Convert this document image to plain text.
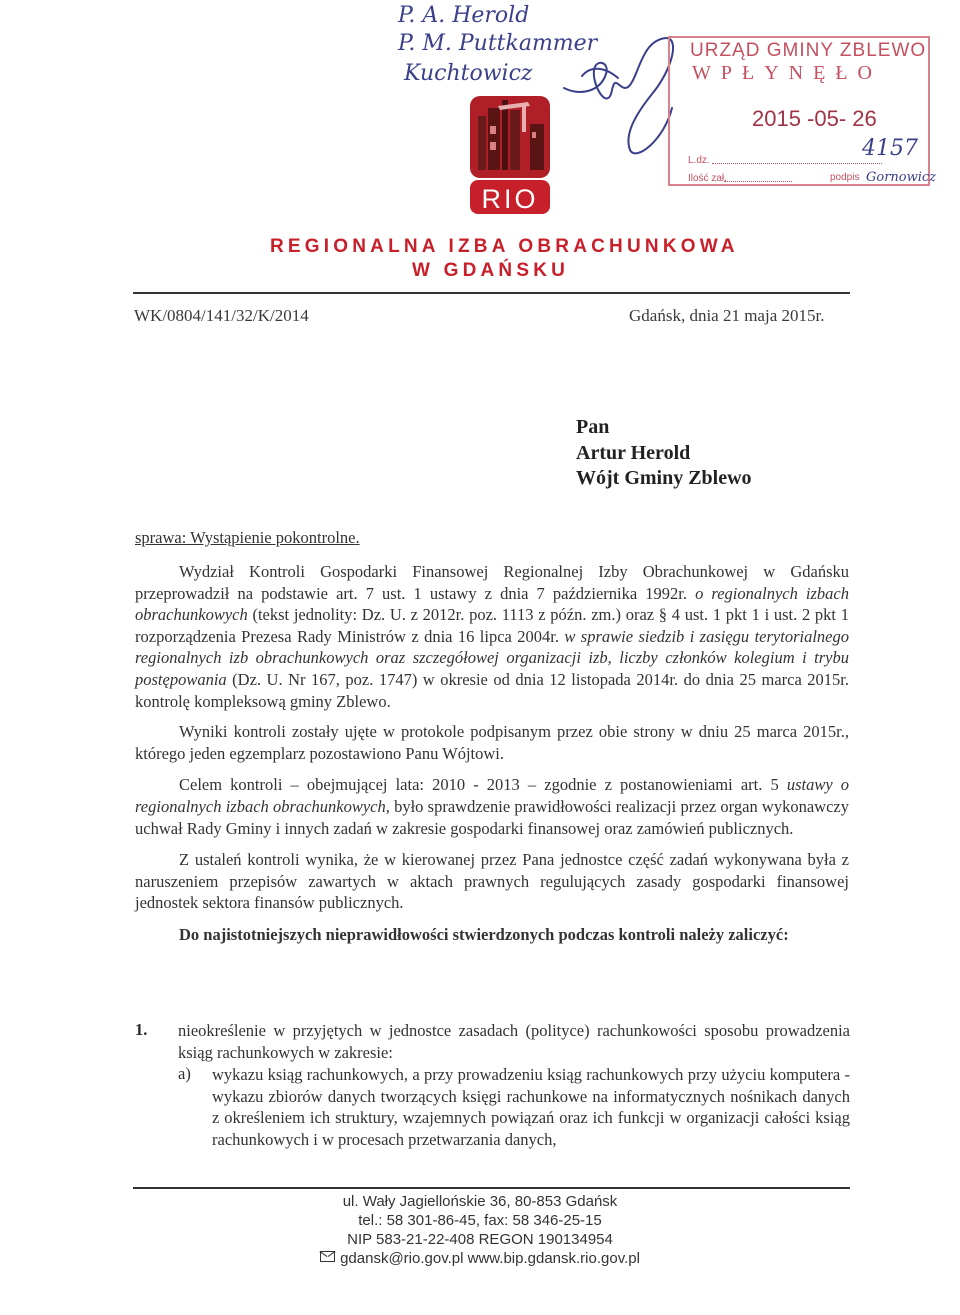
P. A. Herold
P. M. Puttkammer
Kuchtowicz
URZĄD GMINY ZBLEWO
WPŁYNĘŁO
2015 -05- 26
4157
L.dz.
Ilość zał.	podpis Gornowicz
RIO
REGIONALNA IZBA OBRACHUNKOWA
W GDAŃSKU
WK/0804/141/32/K/2014	Gdańsk, dnia 21 maja 2015r.
Pan
Artur Herold
Wójt Gminy Zblewo
sprawa: Wystąpienie pokontrolne.

Wydział Kontroli Gospodarki Finansowej Regionalnej Izby Obrachunkowej w Gdańsku przeprowadził na podstawie art. 7 ust. 1 ustawy z dnia 7 października 1992r. o regionalnych izbach obrachunkowych (tekst jednolity: Dz. U. z 2012r. poz. 1113 z późn. zm.) oraz § 4 ust. 1 pkt 1 i ust. 2 pkt 1 rozporządzenia Prezesa Rady Ministrów z dnia 16 lipca 2004r. w sprawie siedzib i zasięgu terytorialnego regionalnych izb obrachunkowych oraz szczegółowej organizacji izb, liczby członków kolegium i trybu postępowania (Dz. U. Nr 167, poz. 1747) w okresie od dnia 12 listopada 2014r. do dnia 25 marca 2015r. kontrolę kompleksową gminy Zblewo.

Wyniki kontroli zostały ujęte w protokole podpisanym przez obie strony w dniu 25 marca 2015r., którego jeden egzemplarz pozostawiono Panu Wójtowi.

Celem kontroli – obejmującej lata: 2010 - 2013 – zgodnie z postanowieniami art. 5 ustawy o regionalnych izbach obrachunkowych, było sprawdzenie prawidłowości realizacji przez organ wykonawczy uchwał Rady Gminy i innych zadań w zakresie gospodarki finansowej oraz zamówień publicznych.

Z ustaleń kontroli wynika, że w kierowanej przez Pana jednostce część zadań wykonywana była z naruszeniem przepisów zawartych w aktach prawnych regulujących zasady gospodarki finansowej jednostek sektora finansów publicznych.

Do najistotniejszych nieprawidłowości stwierdzonych podczas kontroli należy zaliczyć:

1. nieokreślenie w przyjętych w jednostce zasadach (polityce) rachunkowości sposobu prowadzenia ksiąg rachunkowych w zakresie:
a) wykazu ksiąg rachunkowych, a przy prowadzeniu ksiąg rachunkowych przy użyciu komputera - wykazu zbiorów danych tworzących księgi rachunkowe na informatycznych nośnikach danych z określeniem ich struktury, wzajemnych powiązań oraz ich funkcji w organizacji całości ksiąg rachunkowych i w procesach przetwarzania danych,
ul. Wały Jagiellońskie 36, 80-853 Gdańsk
tel.: 58 301-86-45, fax: 58 346-25-15
NIP 583-21-22-408 REGON 190134954
gdansk@rio.gov.pl www.bip.gdansk.rio.gov.pl
